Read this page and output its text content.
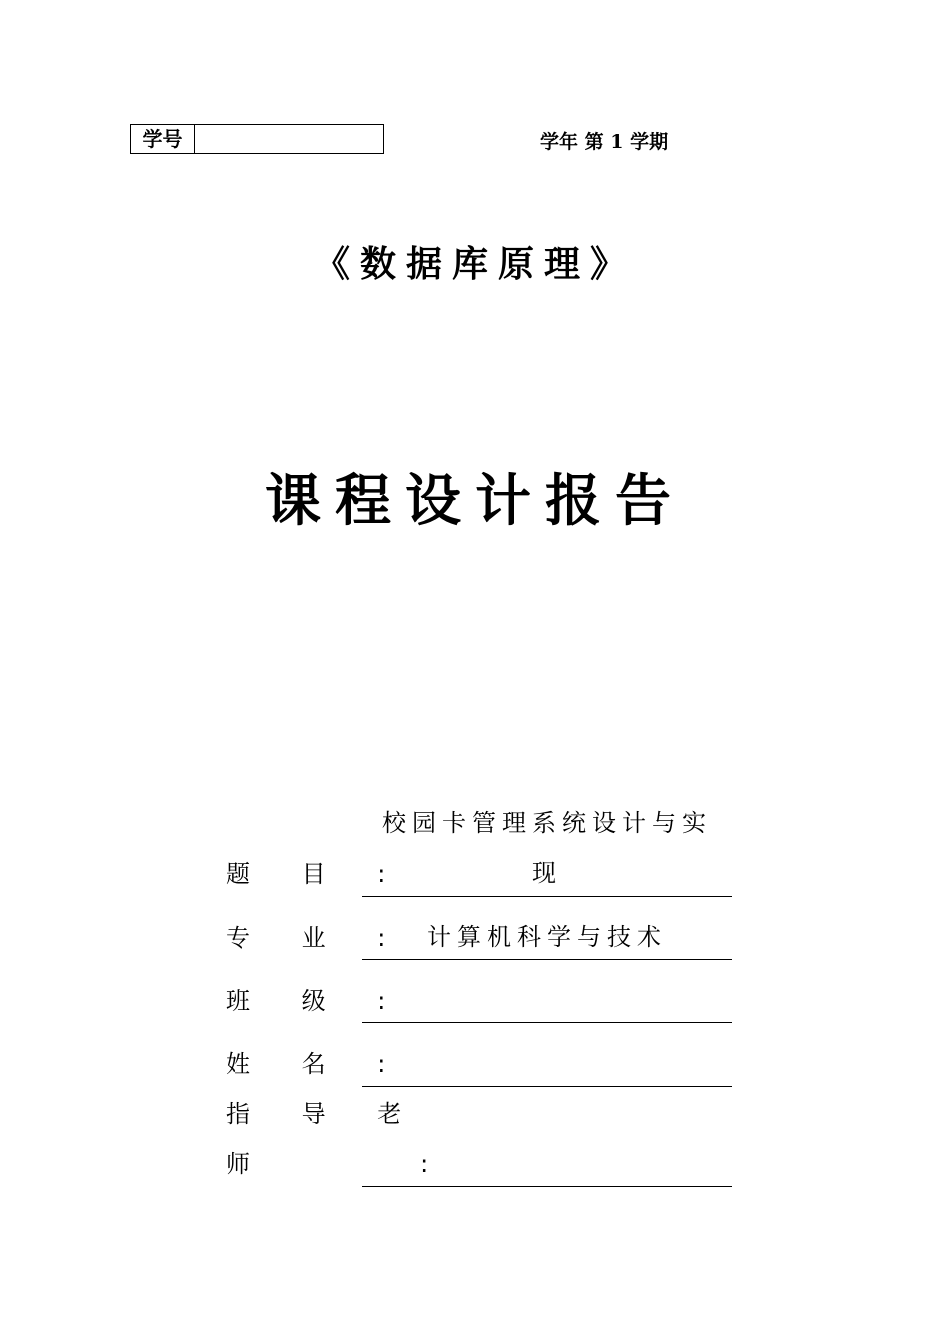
学号	学年 第 1 学期
《数据库原理》
课程设计报告
校园卡管理系统设计与实
题 目 :	现
专 业 : 计算机科学与技术
班 级 :
姓 名 :
指 导 老
师     :
